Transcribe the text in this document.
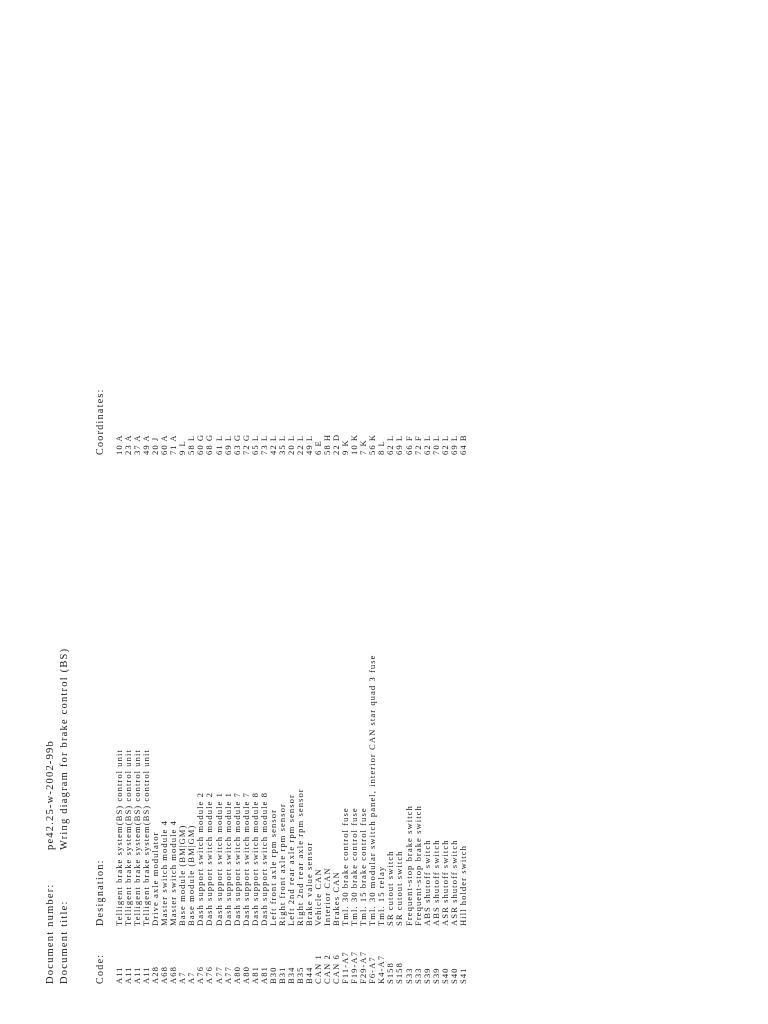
Document number:
pe42.25-w-2002-99b
Document title:
Wring diagram for brake control (BS)
Code:
Designation:
Coordinates:
A11
Telligent brake system(BS) control unit
10 A
A11
Telligent brake system(BS) control unit
23 A
A11
Telligent brake system(BS) control unit
37 A
A11
Telligent brake system(BS) control unit
49 A
A28
Drive axle modulator
20 J
A68
Master switch module 4
60 A
A68
Master switch module 4
71 A
A7
Base module (BM|GM)
9 L
A7
Base module (BM|GM)
58 L
A76
Dash support switch module 2
60 G
A76
Dash support switch module 2
68 G
A77
Dash support switch module 1
61 L
A77
Dash support switch module 1
69 L
A80
Dash support switch module 7
63 G
A80
Dash support switch module 7
72 G
A81
Dash support switch module 8
65 L
A81
Dash support switch module 8
73 L
B30
Left front axle rpm sensor
42 L
B31
Right front axle rpm sensor
35 L
B34
Left 2nd rear axle rpm sensor
20 L
B35
Right 2nd rear axle rpm sensor
22 L
B44
Brake value sensor
49 L
CAN 1
Vehicle CAN
6 E
CAN 2
Interior CAN
58 H
CAN 6
Brakes CAN
22 D
F11-A7
Tml. 30 brake control fuse
9 K
F19-A7
Tml. 30 brake control fuse
10 K
F29-A7
Tml. 15 brake control fuse
7 K
F6-A7
Tml. 30 modular switch panel, interior CAN star quad 3 fuse
56 K
K4-A7
Tml. 15 relay
8 L
S158
SR cutout switch
62 L
S158
SR cutout switch
69 L
S33
Frequent-stop brake switch
66 F
S33
Frequent-stop brake switch
72 F
S39
ABS shutoff switch
62 L
S39
ABS shutoff switch
70 L
S40
ASR shutoff switch
62 L
S40
ASR shutoff switch
69 L
S41
Hill holder switch
64 B
